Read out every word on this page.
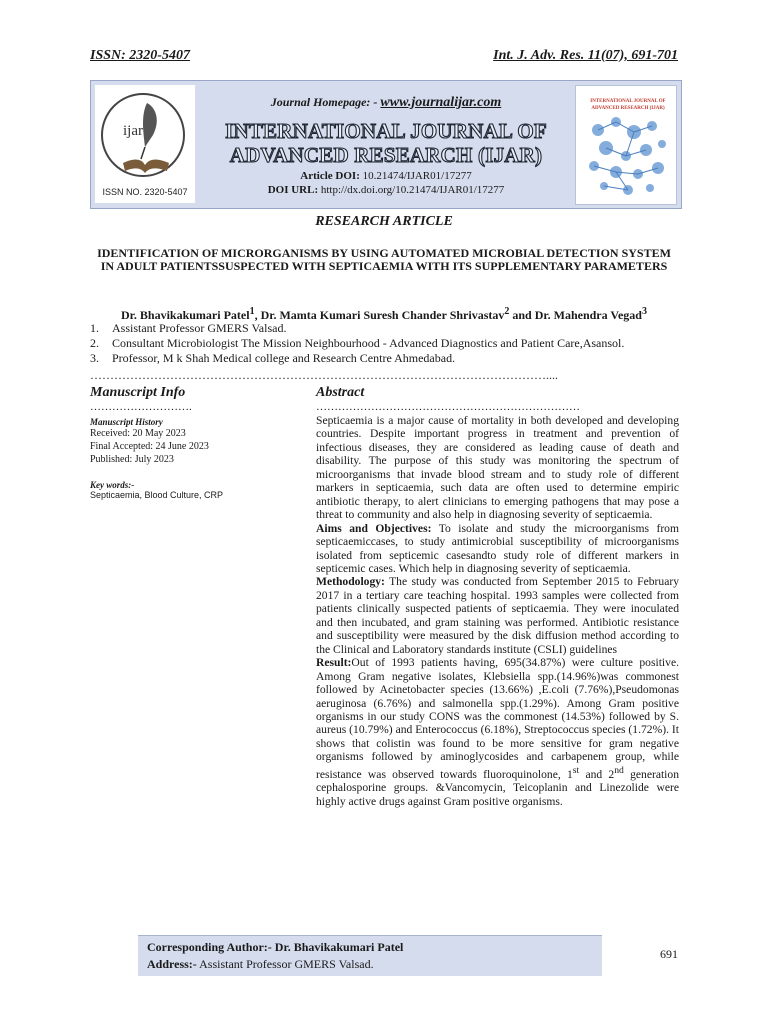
ISSN: 2320-5407	Int. J. Adv. Res. 11(07), 691-701
ijar
ISSN NO. 2320-5407
Journal Homepage: - www.journalijar.com
INTERNATIONAL JOURNAL OF
ADVANCED RESEARCH (IJAR)
Article DOI: 10.21474/IJAR01/17277
DOI URL: http://dx.doi.org/10.21474/IJAR01/17277
INTERNATIONAL JOURNAL OF ADVANCED RESEARCH (IJAR)
RESEARCH ARTICLE
IDENTIFICATION OF MICRORGANISMS BY USING AUTOMATED MICROBIAL DETECTION SYSTEM IN ADULT PATIENTSSUSPECTED WITH SEPTICAEMIA WITH ITS SUPPLEMENTARY PARAMETERS
Dr. Bhavikakumari Patel$^1$, Dr. Mamta Kumari Suresh Chander Shrivastav$^2$ and Dr. Mahendra Vegad$^3$
1.	Assistant Professor GMERS Valsad.
2.	Consultant Microbiologist The Mission Neighbourhood - Advanced Diagnostics and Patient Care,Asansol.
3.	Professor, M k Shah Medical college and Research Centre Ahmedabad.
……………………………………………………………………………………………………....
Manuscript Info
……………………….
Manuscript History
Received: 20 May 2023
Final Accepted: 24 June 2023
Published: July 2023
Key words:-
Septicaemia, Blood Culture, CRP
Abstract
………………………………………………………………

Septicaemia is a major cause of mortality in both developed and developing countries. Despite important progress in treatment and prevention of infectious diseases, they are considered as leading cause of death and disability. The purpose of this study was monitoring the spectrum of microorganisms that invade blood stream and to study role of different markers in septicaemia, such data are often used to determine empiric antibiotic therapy, to alert clinicians to emerging pathogens that may pose a threat to community and also help in diagnosing severity of septicaemia.

Aims and Objectives: To isolate and study the microorganisms from septicaemiccases, to study antimicrobial susceptibility of microorganisms isolated from septicemic casesandto study role of different markers in septicemic cases. Which help in diagnosing severity of septicaemia.

Methodology: The study was conducted from September 2015 to February 2017 in a tertiary care teaching hospital. 1993 samples were collected from patients clinically suspected patients of septicaemia. They were inoculated and then incubated, and gram staining was performed. Antibiotic resistance and susceptibility were measured by the disk diffusion method according to the Clinical and Laboratory standards institute (CSLI) guidelines

Result:Out of 1993 patients having, 695(34.87%) were culture positive. Among Gram negative isolates, Klebsiella spp.(14.96%)was commonest followed by Acinetobacter species (13.66%) ,E.coli (7.76%),Pseudomonas aeruginosa (6.76%) and salmonella spp.(1.29%). Among Gram positive organisms in our study CONS was the commonest (14.53%) followed by S. aureus (10.79%) and Enterococcus (6.18%), Streptococcus species (1.72%). It shows that colistin was found to be more sensitive for gram negative organisms followed by aminoglycosides and carbapenem group, while resistance was observed towards fluoroquinolone, 1st and 2nd generation cephalosporine groups. &Vancomycin, Teicoplanin and Linezolide were highly active drugs against Gram positive organisms.

Corresponding Author:- Dr. Bhavikakumari Patel
Address:- Assistant Professor GMERS Valsad.
691
